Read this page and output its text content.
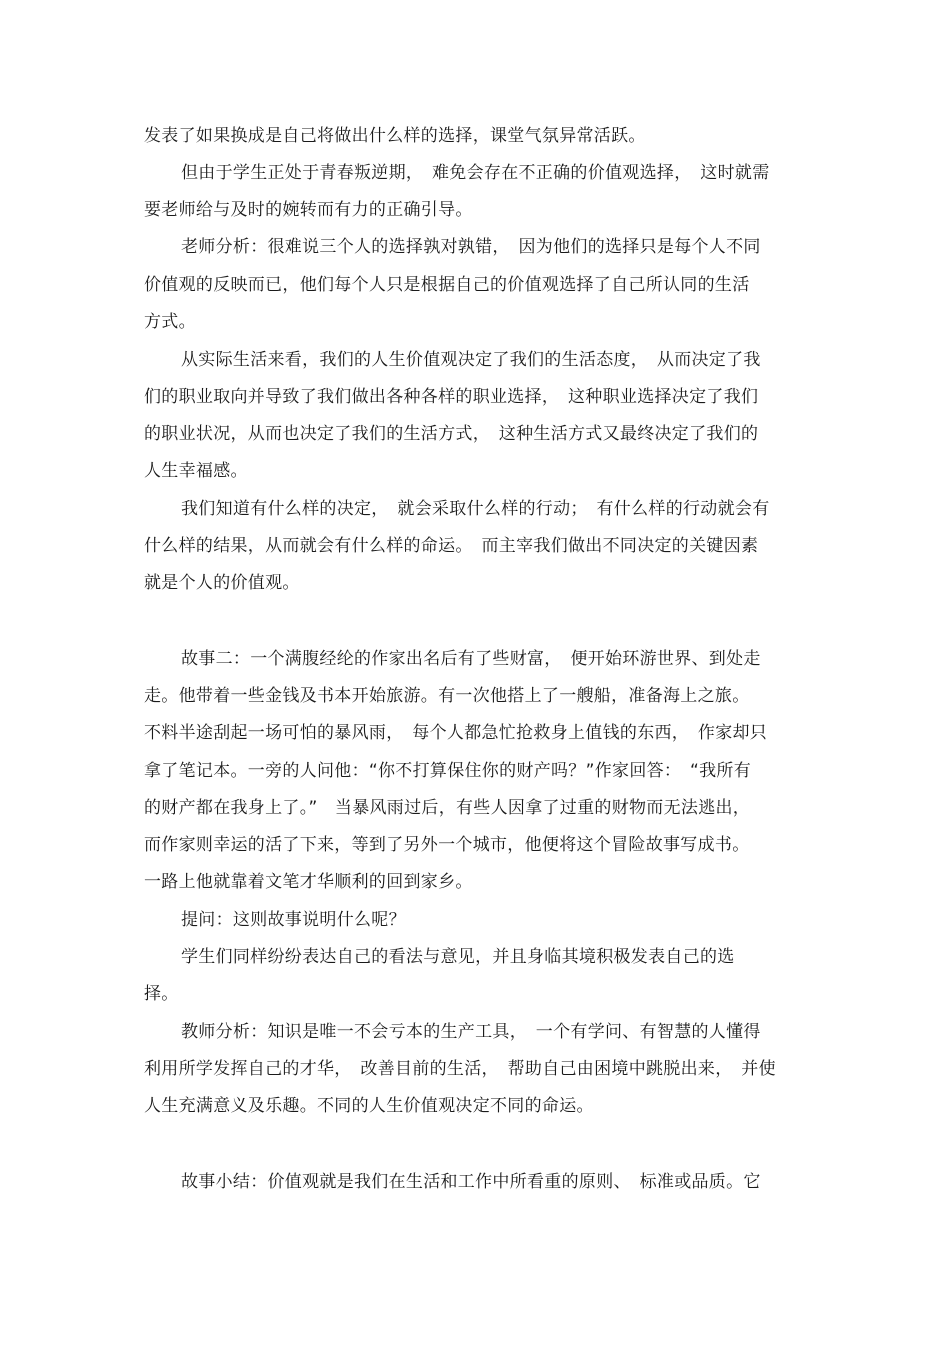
发表了如果换成是自己将做出什么样的选择，课堂气氛异常活跃。
但由于学生正处于青春叛逆期，　难免会存在不正确的价值观选择，　这时就需
要老师给与及时的婉转而有力的正确引导。
老师分析：很难说三个人的选择孰对孰错，　因为他们的选择只是每个人不同
价值观的反映而已，他们每个人只是根据自己的价值观选择了自己所认同的生活
方式。
从实际生活来看，我们的人生价值观决定了我们的生活态度，　从而决定了我
们的职业取向并导致了我们做出各种各样的职业选择，　这种职业选择决定了我们
的职业状况，从而也决定了我们的生活方式，　这种生活方式又最终决定了我们的
人生幸福感。
我们知道有什么样的决定，　就会采取什么样的行动；　有什么样的行动就会有
什么样的结果，从而就会有什么样的命运。　而主宰我们做出不同决定的关键因素
就是个人的价值观。
故事二：一个满腹经纶的作家出名后有了些财富，　便开始环游世界、到处走
走。他带着一些金钱及书本开始旅游。有一次他搭上了一艘船，准备海上之旅。
不料半途刮起一场可怕的暴风雨，　每个人都急忙抢救身上值钱的东西，　作家却只
拿了笔记本。一旁的人问他：“你不打算保住你的财产吗？”作家回答：　“我所有
的财产都在我身上了。”　当暴风雨过后，有些人因拿了过重的财物而无法逃出，
而作家则幸运的活了下来，等到了另外一个城市，他便将这个冒险故事写成书。
一路上他就靠着文笔才华顺利的回到家乡。
提问：这则故事说明什么呢？
学生们同样纷纷表达自己的看法与意见，并且身临其境积极发表自己的选
择。
教师分析：知识是唯一不会亏本的生产工具，　一个有学问、有智慧的人懂得
利用所学发挥自己的才华，　改善目前的生活，　帮助自己由困境中跳脱出来，　并使
人生充满意义及乐趣。不同的人生价值观决定不同的命运。
故事小结：价值观就是我们在生活和工作中所看重的原则、　标准或品质。它
